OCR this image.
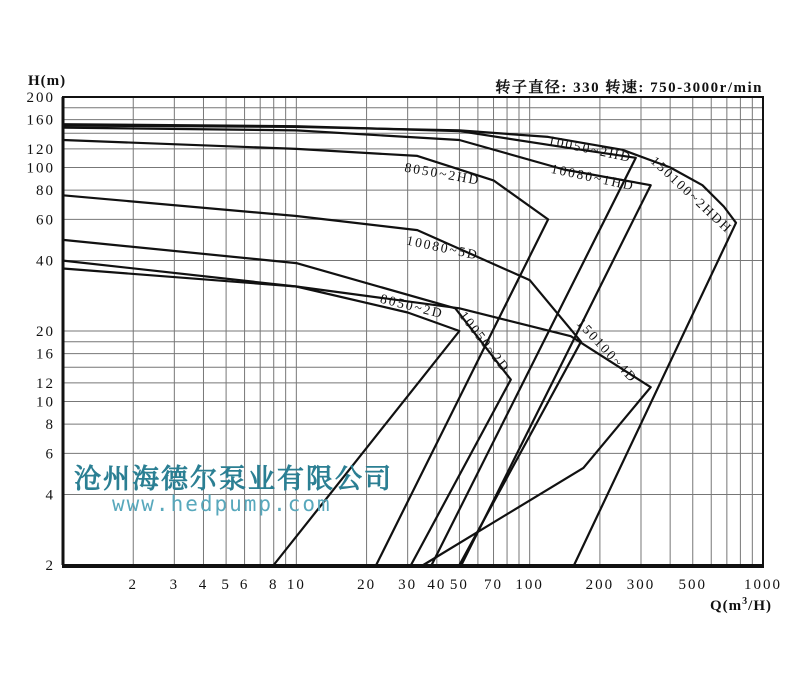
转子直径: 330 转速: 750-3000r/min
H(m)
10050~2HD
150100~2HDH
10080~1HD
8050~2HD
10080~5D
8050~2D
10050~2D	150100~4D
2 3 4 5 6 8 10	20 30 40 50 70 100	200 300 500 1000
200
160
120
100
80
60
40
20
16
12
10
8
6
4
2
沧州海德尔泵业有限公司
www.hedpump.com
$Q(m^3/H)$
